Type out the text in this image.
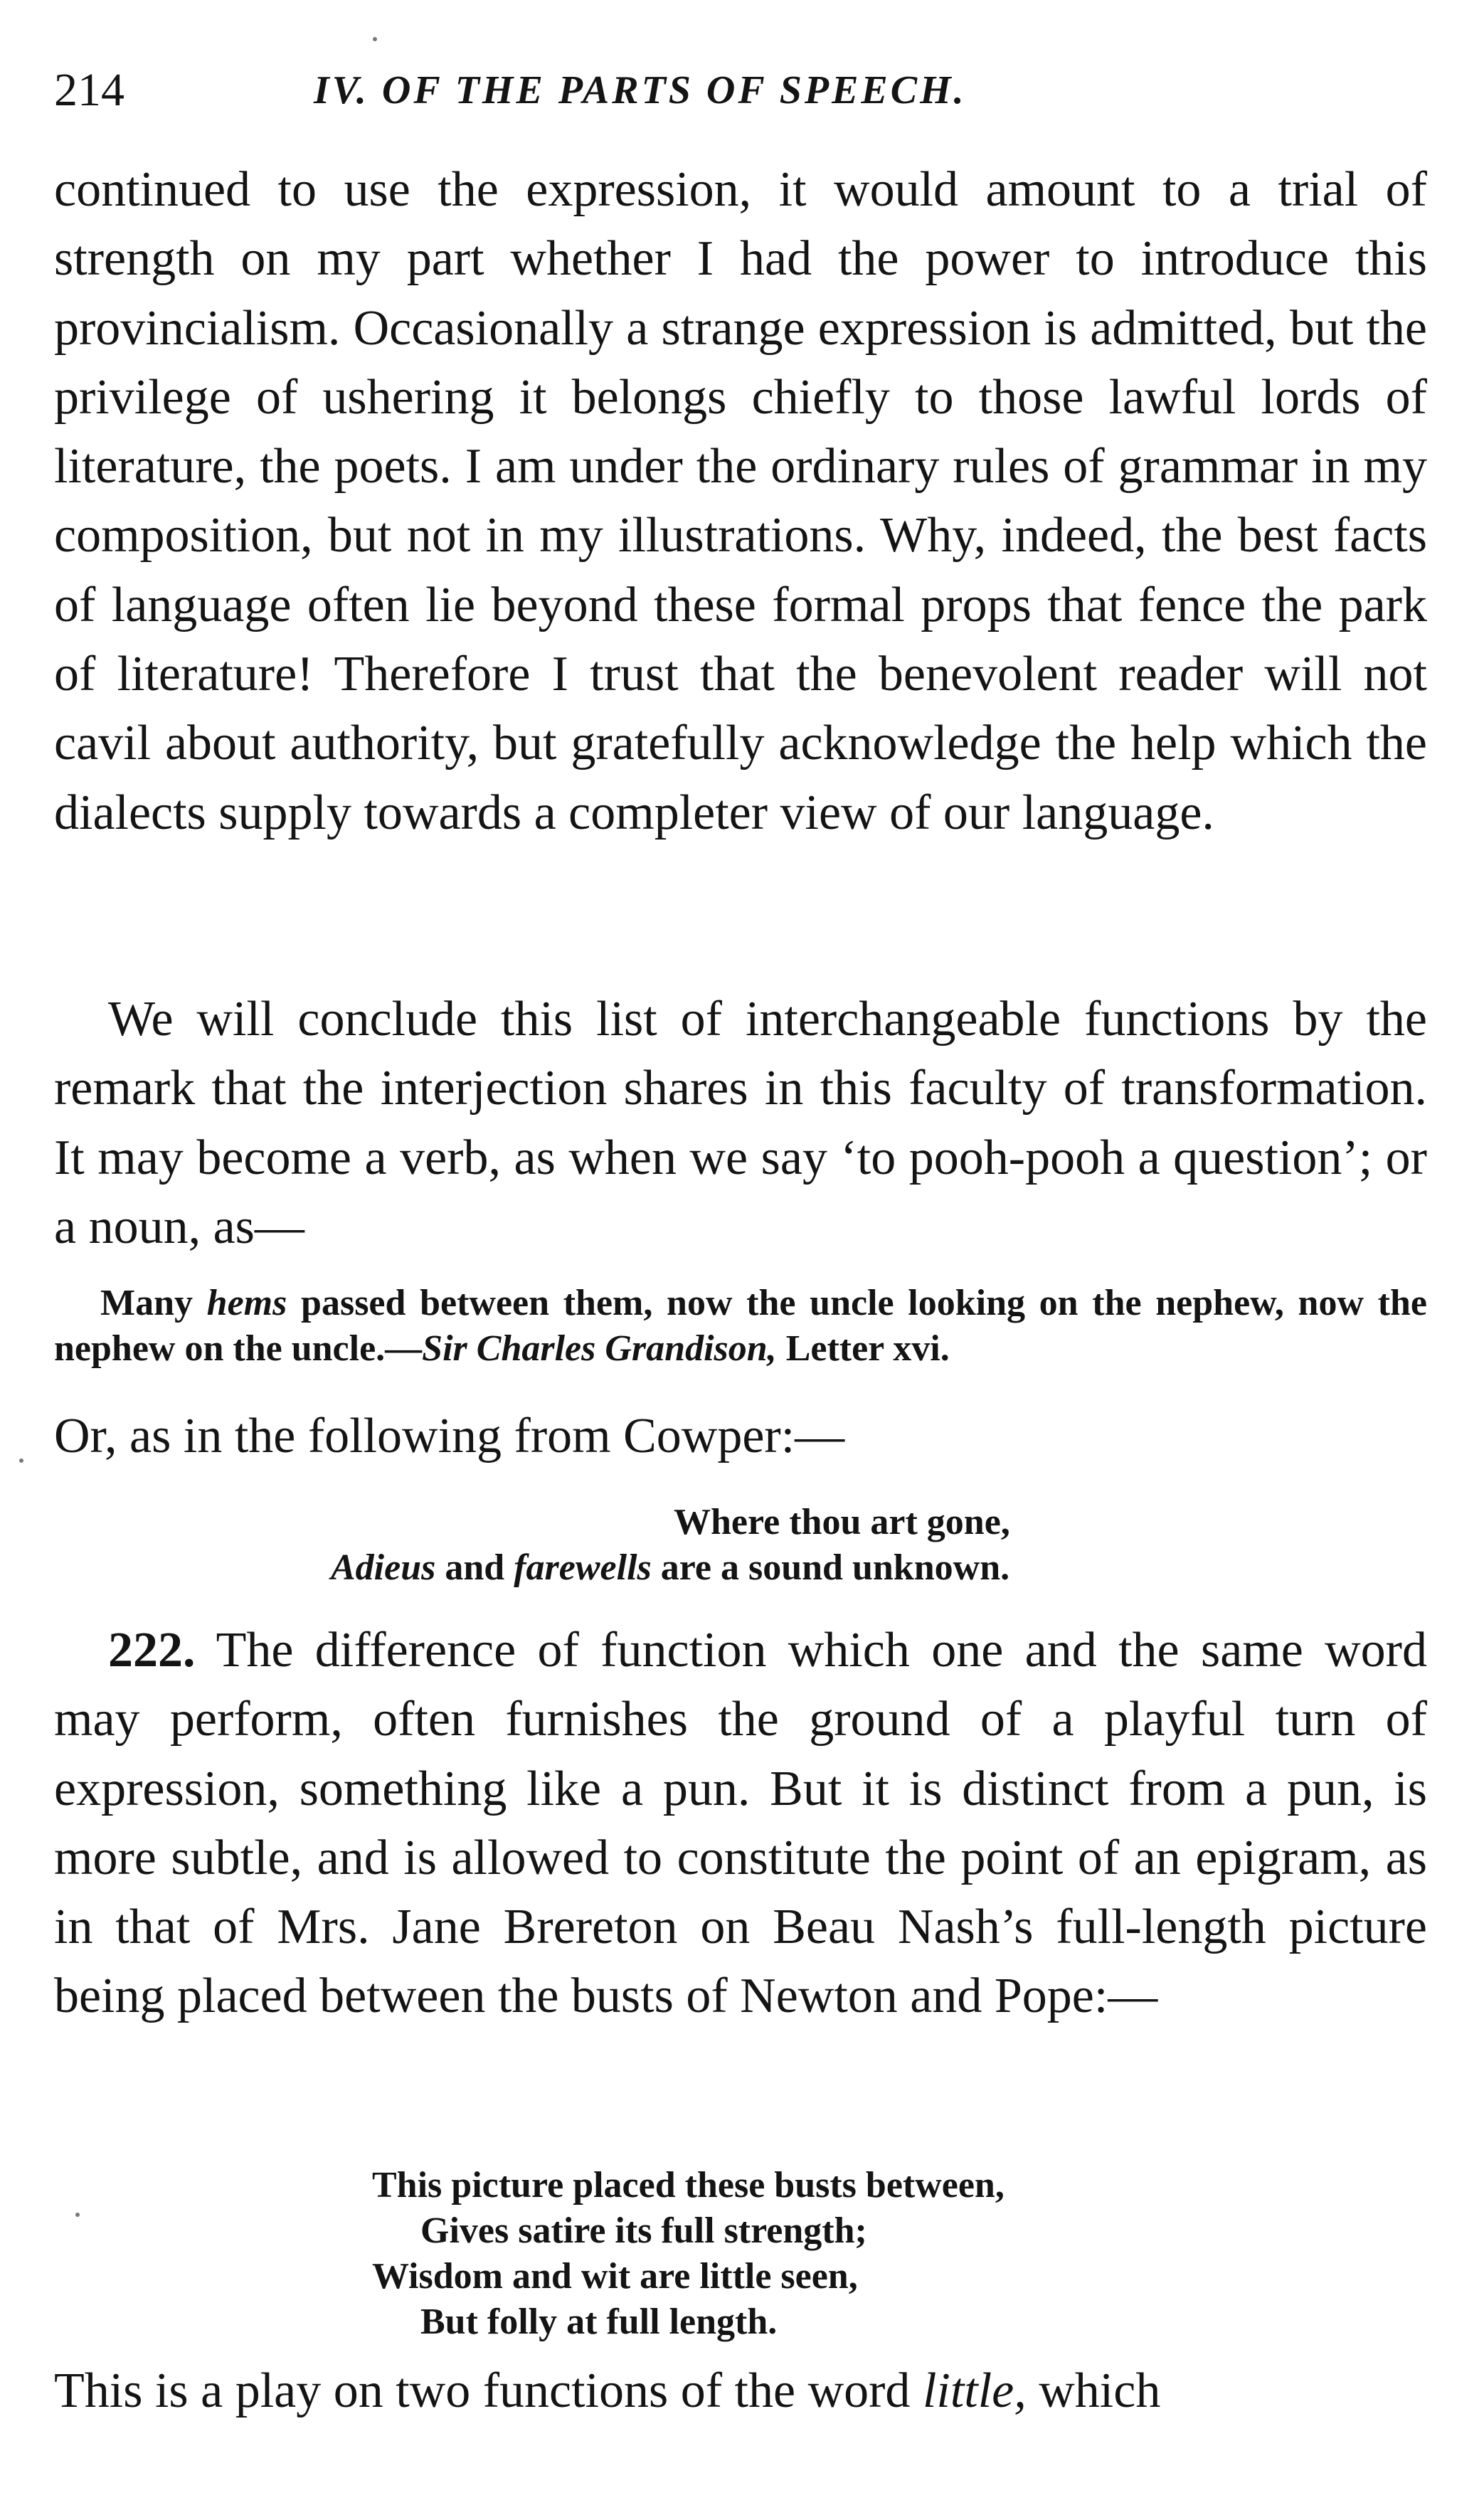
214	IV. OF THE PARTS OF SPEECH.

continued to use the expression, it would amount to a trial of strength on my part whether I had the power to introduce this provincialism. Occasionally a strange expression is admitted, but the privilege of ushering it belongs chiefly to those lawful lords of literature, the poets. I am under the ordinary rules of grammar in my composition, but not in my illustrations. Why, indeed, the best facts of language often lie beyond these formal props that fence the park of literature! Therefore I trust that the benevolent reader will not cavil about authority, but gratefully acknowledge the help which the dialects supply towards a completer view of our language.

We will conclude this list of interchangeable functions by the remark that the interjection shares in this faculty of transformation. It may become a verb, as when we say ‘to pooh-pooh a question’; or a noun, as—

Many hems passed between them, now the uncle looking on the nephew, now the nephew on the uncle.—Sir Charles Grandison, Letter xvi.

Or, as in the following from Cowper:—

Where thou art gone,
Adieus and farewells are a sound unknown.

222. The difference of function which one and the same word may perform, often furnishes the ground of a playful turn of expression, something like a pun. But it is distinct from a pun, is more subtle, and is allowed to constitute the point of an epigram, as in that of Mrs. Jane Brereton on Beau Nash’s full-length picture being placed between the busts of Newton and Pope:—

This picture placed these busts between,
Gives satire its full strength;
Wisdom and wit are little seen,
But folly at full length.

This is a play on two functions of the word little, which
